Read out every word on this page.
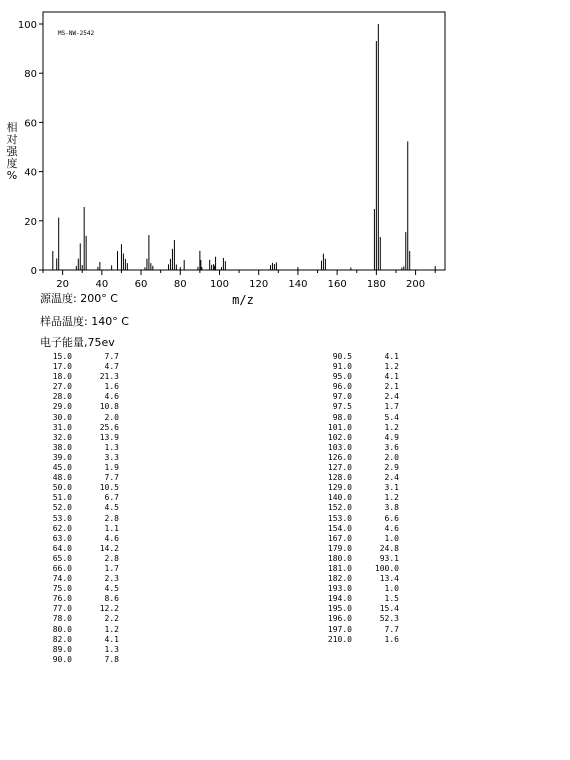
0
20
40
60
80
100
20	40	60	80 100 120 140 160 180 200
MS-NW-2542
m/z
相
对
强
度
%
源温度: 200° C
样品温度: 140° C
电子能量,75ev
15.0	7.7
17.0	4.7
18.0	21.3
27.0	1.6
28.0	4.6
29.0	10.8
30.0	2.0
31.0	25.6
32.0	13.9
38.0	1.3
39.0	3.3
45.0	1.9
48.0	7.7
50.0	10.5
51.0	6.7
52.0	4.5
53.0	2.8
62.0	1.1
63.0	4.6
64.0	14.2
65.0	2.8
66.0	1.7
74.0	2.3
75.0	4.5
76.0	8.6
77.0	12.2
78.0	2.2
80.0	1.2
82.0	4.1
89.0	1.3
90.0	7.8
90.5	4.1
91.0	1.2
95.0	4.1
96.0	2.1
97.0	2.4
97.5	1.7
98.0	5.4
101.0	1.2
102.0	4.9
103.0	3.6
126.0	2.0
127.0	2.9
128.0	2.4
129.0	3.1
140.0	1.2
152.0	3.8
153.0	6.6
154.0	4.6
167.0	1.0
179.0	24.8
180.0	93.1
181.0	100.0
182.0	13.4
193.0	1.0
194.0	1.5
195.0	15.4
196.0	52.3
197.0	7.7
210.0	1.6
